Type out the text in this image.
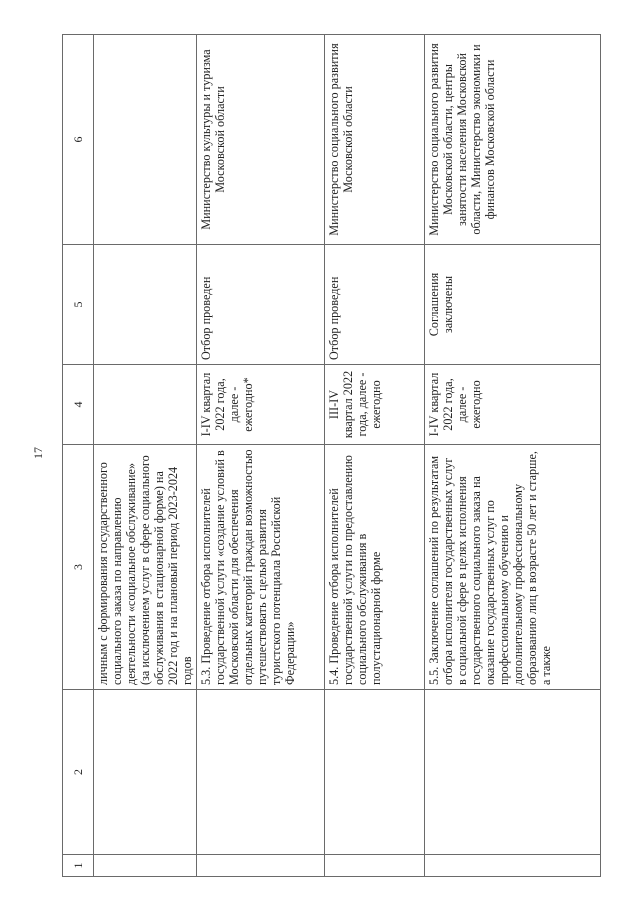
17
1	2	3	4	5	6
		личным с формирования государственного социального заказа по направлению деятельности «социальное обслуживание» (за исключением услуг в сфере социального обслуживания в стационарной форме) на 2022 год и на плановый период 2023-2024 годов			
		5.3. Проведение отбора исполнителей государственной услуги «создание условий в Московской области для обеспечения отдельных категорий граждан возможностью путешествовать с целью развития туристского потенциала Российской Федерации»	I-IV квартал 2022 года, далее - ежегодно*	Отбор проведен	Министерство культуры и туризма Московской области
		5.4. Проведение отбора исполнителей государственной услуги по предоставлению социального обслуживания в полустационарной форме	III-IV квартал 2022 года, далее - ежегодно	Отбор проведен	Министерство социального развития Московской области
		5.5. Заключение соглашений по результатам отбора исполнителя государственных услуг в социальной сфере в целях исполнения государственного социального заказа на оказание государственных услуг по профессиональному обучению и дополнительному профессиональному образованию лиц в возрасте 50 лет и старше, а также	I-IV квартал 2022 года, далее - ежегодно	Соглашения заключены	Министерство социального развития Московской области, центры занятости населения Московской области, Министерство экономики и финансов Московской области
